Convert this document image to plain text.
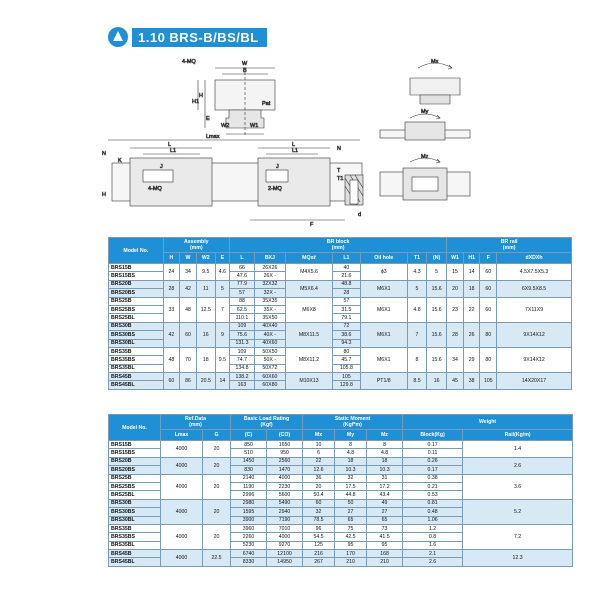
1.10 BRS-B/BS/BL
4-MQ	W
B
H
H1
W2	W1
E
Pat
Lmax
L
L1
J
K
4-MQ
N
H
L
L1
J
2-MQ
N
T
T1
F
d
Mx
My
Mz
Model No.	Assembly
(mm)				BR block
(mm)							BR rail
(mm)			
	H	W	W2	E	L	BXJ	MQxℓ	L1	Oil hole	T1	(N)	W1	H1	F	dXDXh
BRS15B	24	34	9.5	4.6	66	26X26	M4X5.6	40	ϕ3	4.3	5	15	14	60	4.5X7.5X5.3
BRS15BS					47.6	26X -		21.6							
BRS20B	28	42	11	5	77.9	32X32	M5X6.4	48.8	M6X1	5	15.6	20	18	60	6X9.5X8.5
BRS20BS					57	32X -		28							
BRS25B	33	48	12.5	7	88	35X35	M6X8	57	M6X1	4.8	15.6	23	22	60	7X11X9
BRS25BS					62.5	35X -		31.5							
BRS25BL					110.1	35X50		79.1							
BRS30B	42	60	16	9	109	40X40	M8X11.5	72	M6X1	7	15.6	28	26	80	9X14X12
BRS30BS					75.6	40X -		38.6							
BRS30BL					131.3	40X60		94.3							
BRS35B	48	70	18	9.5	109	50X50	M8X11.2	80	M6X1	8	15.6	34	29	80	9X14X12
BRS35BS					74.7	50X -		45.7							
BRS35BL					134.8	50X72		105.8							
BRS45B	60	86	20.5	14	138.2	60X60	M10X13	105	PT1/8	8.5	16	45	38	105	14X20X17
BRS45BL					163	60X80		129.8							
Model No.	Ref.Data
(mm)		Basic Load Rating
(Kgf)		Static Moment
(Kgf*m)			Weight	
	Lmax	G	(C)	(CO)	Mx	My	Mz	Block(Kg)	Rail(Kg/m)
BRS15B	4000	20	850	1650	10	8	8	0.17	1.4
BRS15BS			510	950	6	4.8	4.8	0.11	
BRS20B	4000	20	1450	2560	22	18	18	0.26	2.6
BRS20BS			830	1470	12.6	10.3	10.3	0.17	
BRS25B	4000	20	2140	4000	36	32	31	0.38	3.6
BRS25BS			1190	2230	20	17.5	17.2	0.21	
BRS25BL			2996	5600	50.4	44.8	43.4	0.53	
BRS30B	4000	20	2980	5490	60	50	49	0.81	5.2
BRS30BS			1595	2940	32	27	27	0.48	
BRS30BL			3900	7190	78.5	65	65	1.06	
BRS35B	4000	20	3960	7010	96	75	73	1.2	7.2
BRS35BS			2260	4000	54.5	42.5	41.5	0.8	
BRS35BL			5230	9270	125	95	95	1.6	
BRS45B	4000	22.5	6740	12100	216	170	168	2.1	12.3
BRS45BL			8330	14950	267	210	210	2.6	
